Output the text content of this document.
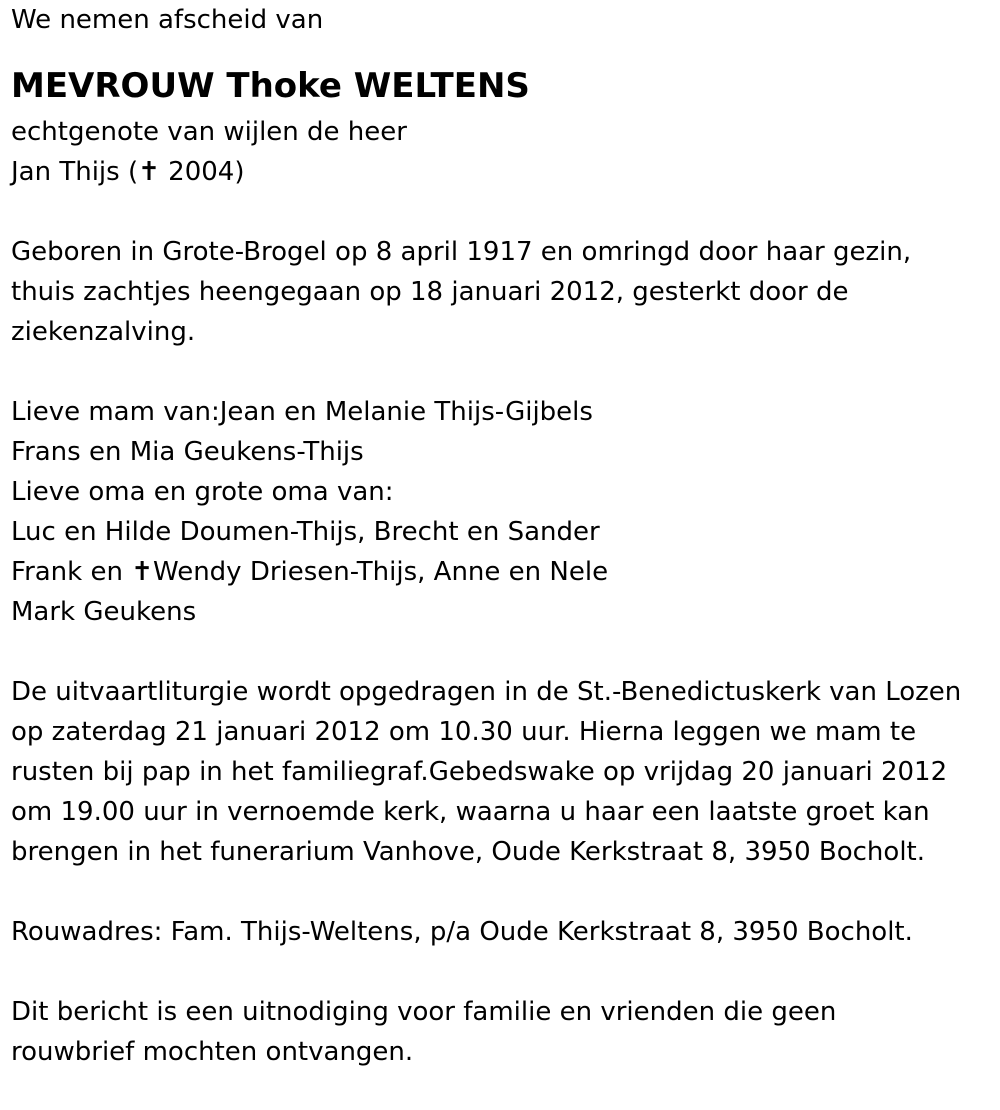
We nemen afscheid van
MEVROUW Thoke WELTENS
echtgenote van wijlen de heer
Jan Thijs (✝ 2004)
Geboren in Grote-Brogel op 8 april 1917 en omringd door haar gezin,
thuis zachtjes heengegaan op 18 januari 2012, gesterkt door de
ziekenzalving.
Lieve mam van:Jean en Melanie Thijs-Gijbels
Frans en Mia Geukens-Thijs
Lieve oma en grote oma van:
Luc en Hilde Doumen-Thijs, Brecht en Sander
Frank en ✝Wendy Driesen-Thijs, Anne en Nele
Mark Geukens
De uitvaartliturgie wordt opgedragen in de St.-Benedictuskerk van Lozen
op zaterdag 21 januari 2012 om 10.30 uur. Hierna leggen we mam te
rusten bij pap in het familiegraf.Gebedswake op vrijdag 20 januari 2012
om 19.00 uur in vernoemde kerk, waarna u haar een laatste groet kan
brengen in het funerarium Vanhove, Oude Kerkstraat 8, 3950 Bocholt.
Rouwadres: Fam. Thijs-Weltens, p/a Oude Kerkstraat 8, 3950 Bocholt.
Dit bericht is een uitnodiging voor familie en vrienden die geen
rouwbrief mochten ontvangen.
